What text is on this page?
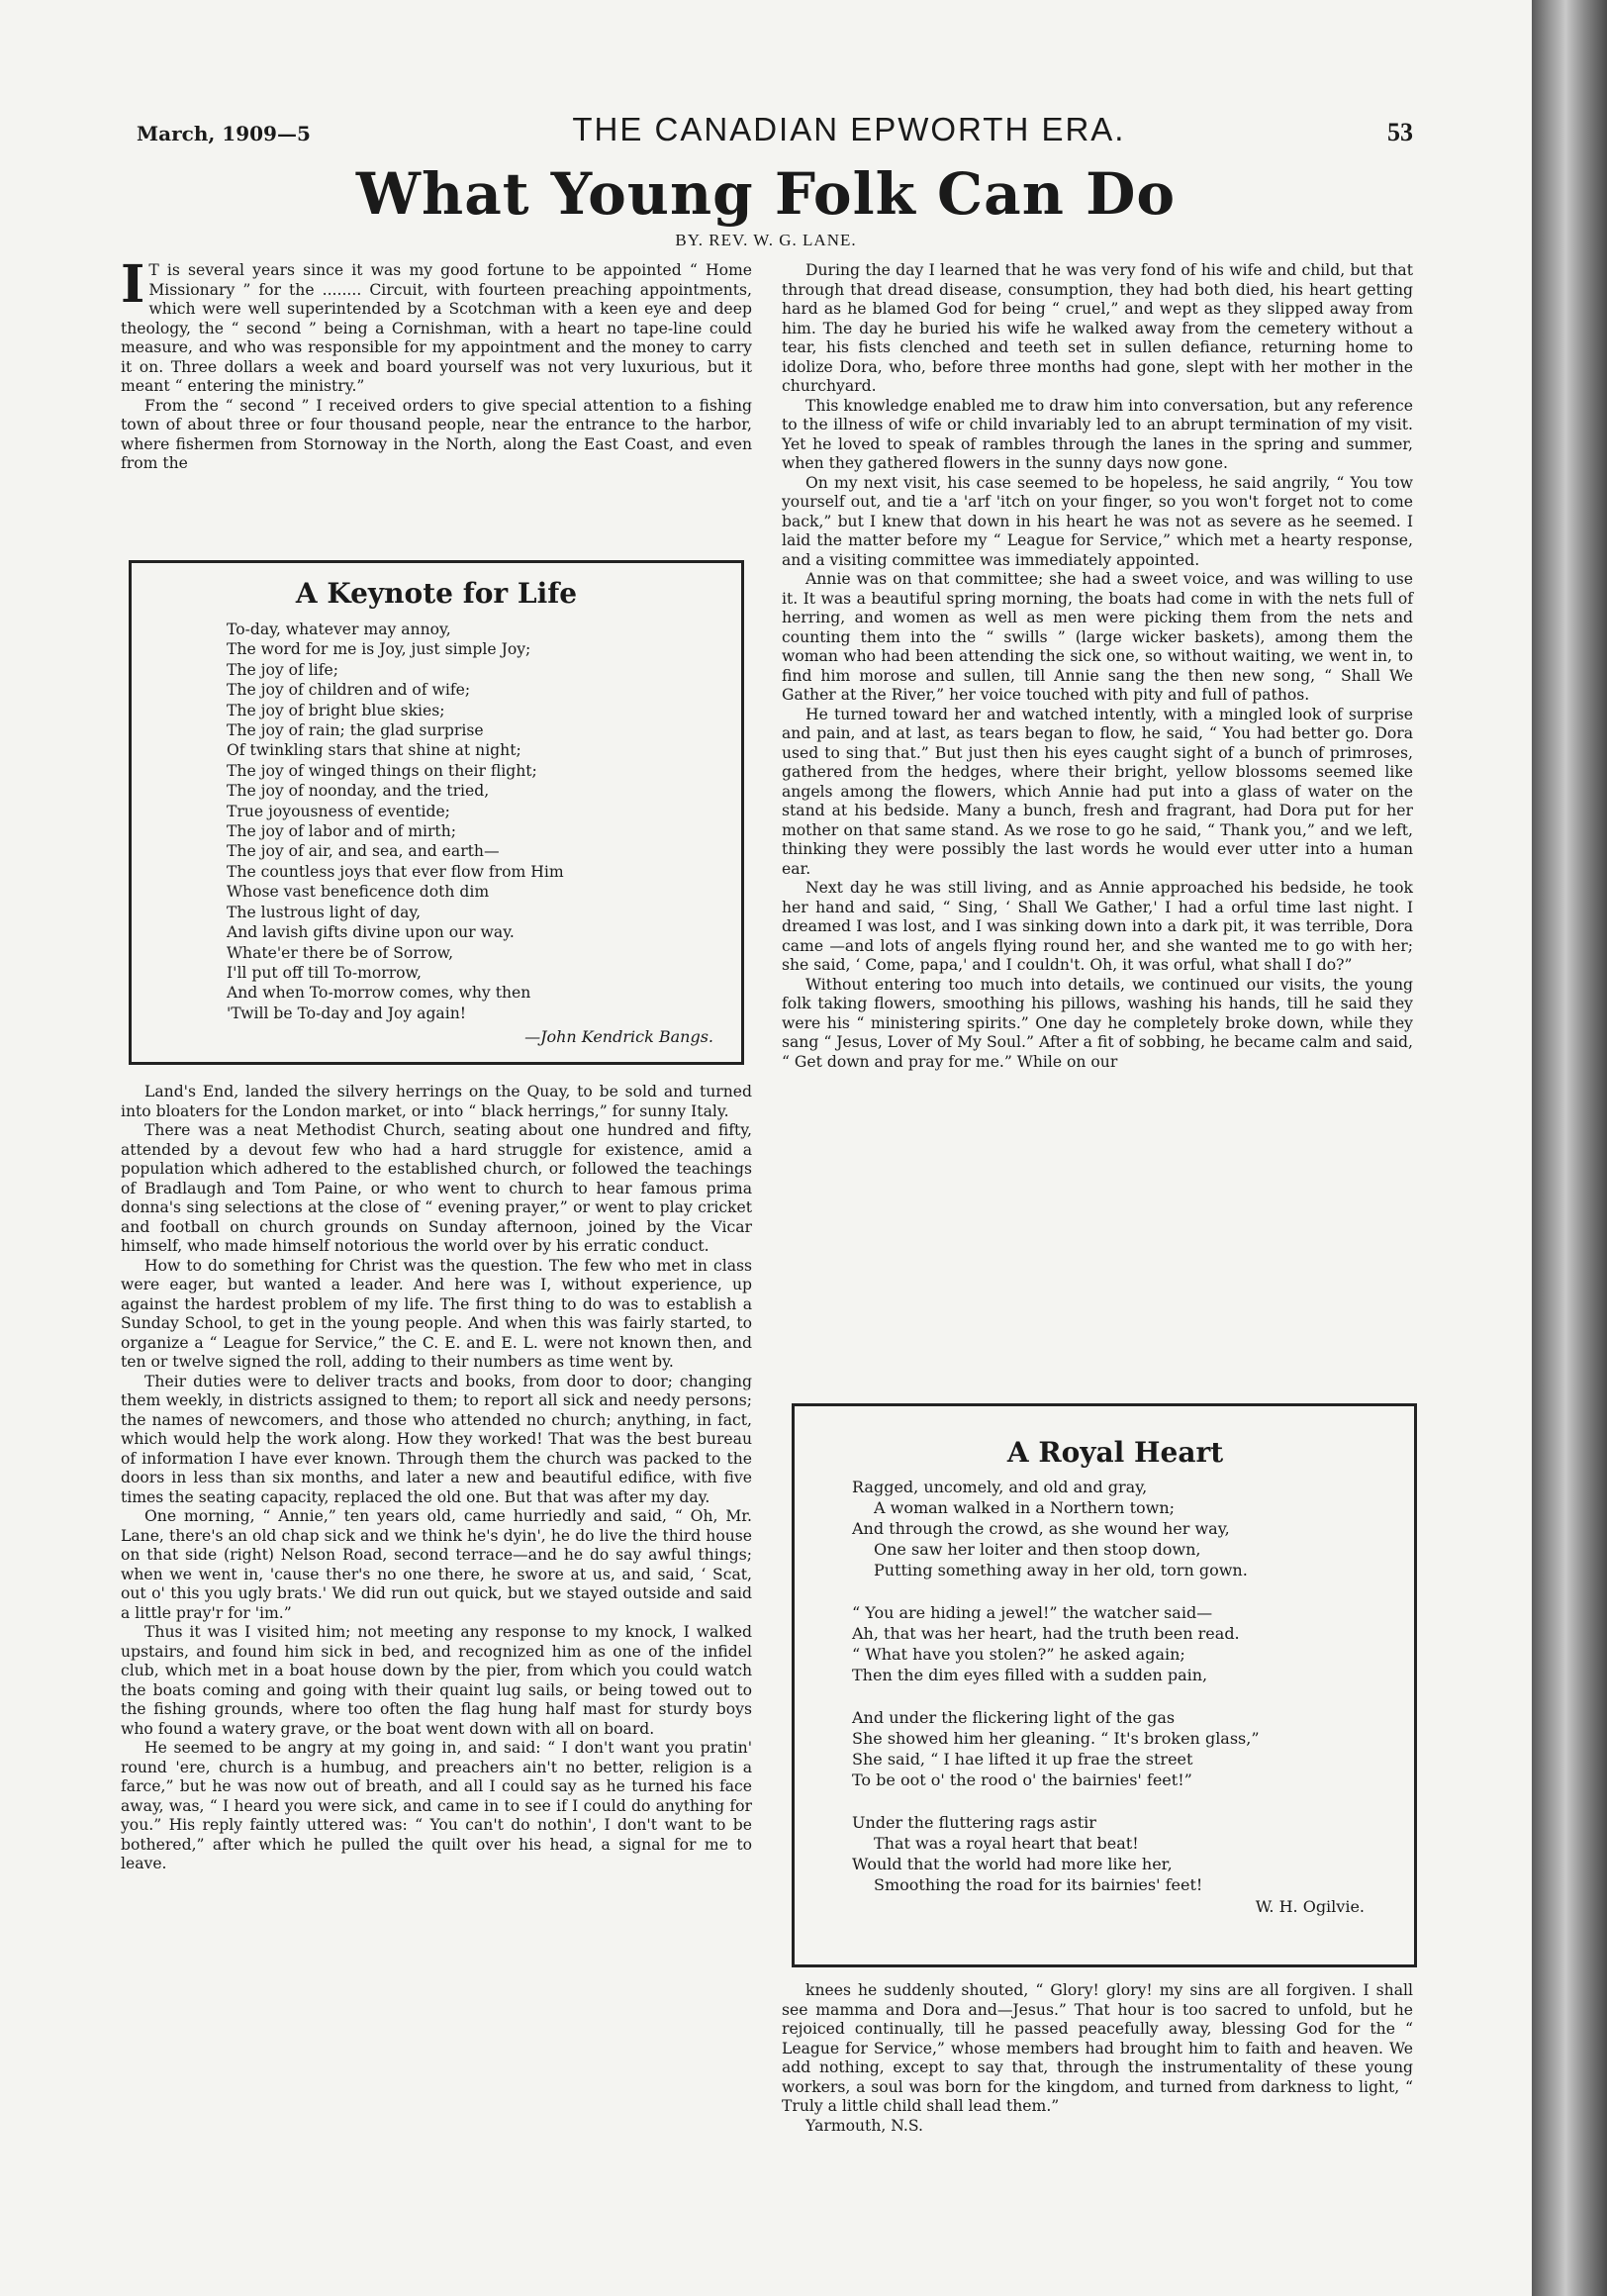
March, 1909—5	THE CANADIAN EPWORTH ERA.	53
What Young Folk Can Do
BY. REV. W. G. LANE.

I T is several years since it was my good fortune to be appointed “ Home Missionary ” for the ........ Circuit, with fourteen preaching appointments, which were well superintended by a Scotchman with a keen eye and deep theology, the “ second ” being a Cornishman, with a heart no tape-line could measure, and who was responsible for my appointment and the money to carry it on. Three dollars a week and board yourself was not very luxurious, but it meant “ entering the ministry.”

From the “ second ” I received orders to give special attention to a fishing town of about three or four thousand people, near the entrance to the harbor, where fishermen from Stornoway in the North, along the East Coast, and even from the

A Keynote for Life
To-day, whatever may annoy,
The word for me is Joy, just simple Joy;
The joy of life;
The joy of children and of wife;
The joy of bright blue skies;
The joy of rain; the glad surprise
Of twinkling stars that shine at night;
The joy of winged things on their flight;
The joy of noonday, and the tried,
True joyousness of eventide;
The joy of labor and of mirth;
The joy of air, and sea, and earth—
The countless joys that ever flow from Him
Whose vast beneficence doth dim
The lustrous light of day,
And lavish gifts divine upon our way.
Whate'er there be of Sorrow,
I'll put off till To-morrow,
And when To-morrow comes, why then
'Twill be To-day and Joy again!
—John Kendrick Bangs.

Land's End, landed the silvery herrings on the Quay, to be sold and turned into bloaters for the London market, or into “ black herrings,” for sunny Italy.

There was a neat Methodist Church, seating about one hundred and fifty, attended by a devout few who had a hard struggle for existence, amid a population which adhered to the established church, or followed the teachings of Bradlaugh and Tom Paine, or who went to church to hear famous prima donna's sing selections at the close of “ evening prayer,” or went to play cricket and football on church grounds on Sunday afternoon, joined by the Vicar himself, who made himself notorious the world over by his erratic conduct.

How to do something for Christ was the question. The few who met in class were eager, but wanted a leader. And here was I, without experience, up against the hardest problem of my life. The first thing to do was to establish a Sunday School, to get in the young people. And when this was fairly started, to organize a “ League for Service,” the C. E. and E. L. were not known then, and ten or twelve signed the roll, adding to their numbers as time went by.

Their duties were to deliver tracts and books, from door to door; changing them weekly, in districts assigned to them; to report all sick and needy persons; the names of newcomers, and those who attended no church; anything, in fact, which would help the work along. How they worked! That was the best bureau of information I have ever known. Through them the church was packed to the doors in less than six months, and later a new and beautiful edifice, with five times the seating capacity, replaced the old one. But that was after my day.

One morning, “ Annie,” ten years old, came hurriedly and said, “ Oh, Mr. Lane, there's an old chap sick and we think he's dyin', he do live the third house on that side (right) Nelson Road, second terrace—and he do say awful things; when we went in, 'cause ther's no one there, he swore at us, and said, ‘ Scat, out o' this you ugly brats.' We did run out quick, but we stayed outside and said a little pray'r for 'im.”

Thus it was I visited him; not meeting any response to my knock, I walked upstairs, and found him sick in bed, and recognized him as one of the infidel club, which met in a boat house down by the pier, from which you could watch the boats coming and going with their quaint lug sails, or being towed out to the fishing grounds, where too often the flag hung half mast for sturdy boys who found a watery grave, or the boat went down with all on board.

He seemed to be angry at my going in, and said: “ I don't want you pratin' round 'ere, church is a humbug, and preachers ain't no better, religion is a farce,” but he was now out of breath, and all I could say as he turned his face away, was, “ I heard you were sick, and came in to see if I could do anything for you.” His reply faintly uttered was: “ You can't do nothin', I don't want to be bothered,” after which he pulled the quilt over his head, a signal for me to leave.

During the day I learned that he was very fond of his wife and child, but that through that dread disease, consumption, they had both died, his heart getting hard as he blamed God for being “ cruel,” and wept as they slipped away from him. The day he buried his wife he walked away from the cemetery without a tear, his fists clenched and teeth set in sullen defiance, returning home to idolize Dora, who, before three months had gone, slept with her mother in the churchyard.

This knowledge enabled me to draw him into conversation, but any reference to the illness of wife or child invariably led to an abrupt termination of my visit. Yet he loved to speak of rambles through the lanes in the spring and summer, when they gathered flowers in the sunny days now gone.

On my next visit, his case seemed to be hopeless, he said angrily, “ You tow yourself out, and tie a 'arf 'itch on your finger, so you won't forget not to come back,” but I knew that down in his heart he was not as severe as he seemed. I laid the matter before my “ League for Service,” which met a hearty response, and a visiting committee was immediately appointed.

Annie was on that committee; she had a sweet voice, and was willing to use it. It was a beautiful spring morning, the boats had come in with the nets full of herring, and women as well as men were picking them from the nets and counting them into the “ swills ” (large wicker baskets), among them the woman who had been attending the sick one, so without waiting, we went in, to find him morose and sullen, till Annie sang the then new song, “ Shall We Gather at the River,” her voice touched with pity and full of pathos.

He turned toward her and watched intently, with a mingled look of surprise and pain, and at last, as tears began to flow, he said, “ You had better go. Dora used to sing that.” But just then his eyes caught sight of a bunch of primroses, gathered from the hedges, where their bright, yellow blossoms seemed like angels among the flowers, which Annie had put into a glass of water on the stand at his bedside. Many a bunch, fresh and fragrant, had Dora put for her mother on that same stand. As we rose to go he said, “ Thank you,” and we left, thinking they were possibly the last words he would ever utter into a human ear.

Next day he was still living, and as Annie approached his bedside, he took her hand and said, “ Sing, ‘ Shall We Gather,' I had a orful time last night. I dreamed I was lost, and I was sinking down into a dark pit, it was terrible, Dora came —and lots of angels flying round her, and she wanted me to go with her; she said, ‘ Come, papa,' and I couldn't. Oh, it was orful, what shall I do?”

Without entering too much into details, we continued our visits, the young folk taking flowers, smoothing his pillows, washing his hands, till he said they were his “ ministering spirits.” One day he completely broke down, while they sang “ Jesus, Lover of My Soul.” After a fit of sobbing, he became calm and said, “ Get down and pray for me.” While on our

A Royal Heart
Ragged, uncomely, and old and gray,
A woman walked in a Northern town;
And through the crowd, as she wound her way,
One saw her loiter and then stoop down,
Putting something away in her old, torn gown.
“ You are hiding a jewel!” the watcher said—
Ah, that was her heart, had the truth been read.
“ What have you stolen?” he asked again;
Then the dim eyes filled with a sudden pain,
And under the flickering light of the gas
She showed him her gleaning. “ It's broken glass,”
She said, “ I hae lifted it up frae the street
To be oot o' the rood o' the bairnies' feet!”
Under the fluttering rags astir
That was a royal heart that beat!
Would that the world had more like her,
Smoothing the road for its bairnies' feet!
W. H. Ogilvie.

knees he suddenly shouted, “ Glory! glory! my sins are all forgiven. I shall see mamma and Dora and—Jesus.” That hour is too sacred to unfold, but he rejoiced continually, till he passed peacefully away, blessing God for the “ League for Service,” whose members had brought him to faith and heaven. We add nothing, except to say that, through the instrumentality of these young workers, a soul was born for the kingdom, and turned from darkness to light, “ Truly a little child shall lead them.”

Yarmouth, N.S.
